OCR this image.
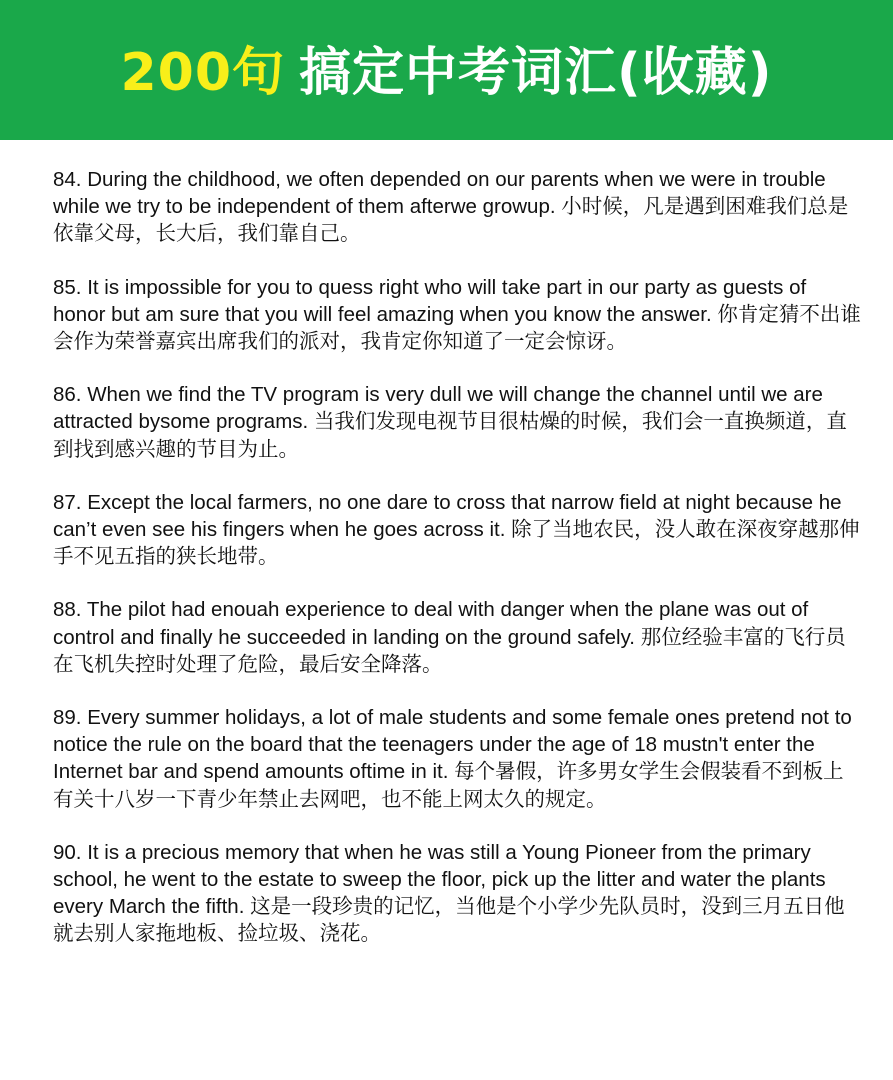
200句 搞定中考词汇(收藏)

84. During the childhood, we often depended on our parents when we were in trouble while we try to be independent of them afterwe growup. 小时候，凡是遇到困难我们总是依靠父母，长大后，我们靠自己。

85. It is impossible for you to quess right who will take part in our party as guests of honor but am sure that you will feel amazing when you know the answer. 你肯定猜不出谁会作为荣誉嘉宾出席我们的派对，我肯定你知道了一定会惊讶。

86. When we find the TV program is very dull we will change the channel until we are attracted bysome programs. 当我们发现电视节目很枯燥的时候，我们会一直换频道，直到找到感兴趣的节目为止。

87. Except the local farmers, no one dare to cross that narrow field at night because he can’t even see his fingers when he goes across it. 除了当地农民，没人敢在深夜穿越那伸手不见五指的狭长地带。

88. The pilot had enouah experience to deal with danger when the plane was out of control and finally he succeeded in landing on the ground safely. 那位经验丰富的飞行员在飞机失控时处理了危险，最后安全降落。

89. Every summer holidays, a lot of male students and some female ones pretend not to notice the rule on the board that the teenagers under the age of 18 mustn't enter the Internet bar and spend amounts oftime in it. 每个暑假，许多男女学生会假装看不到板上有关十八岁一下青少年禁止去网吧，也不能上网太久的规定。

90. It is a precious memory that when he was still a Young Pioneer from the primary school, he went to the estate to sweep the floor, pick up the litter and water the plants every March the fifth. 这是一段珍贵的记忆，当他是个小学少先队员时，没到三月五日他就去别人家拖地板、捡垃圾、浇花。
